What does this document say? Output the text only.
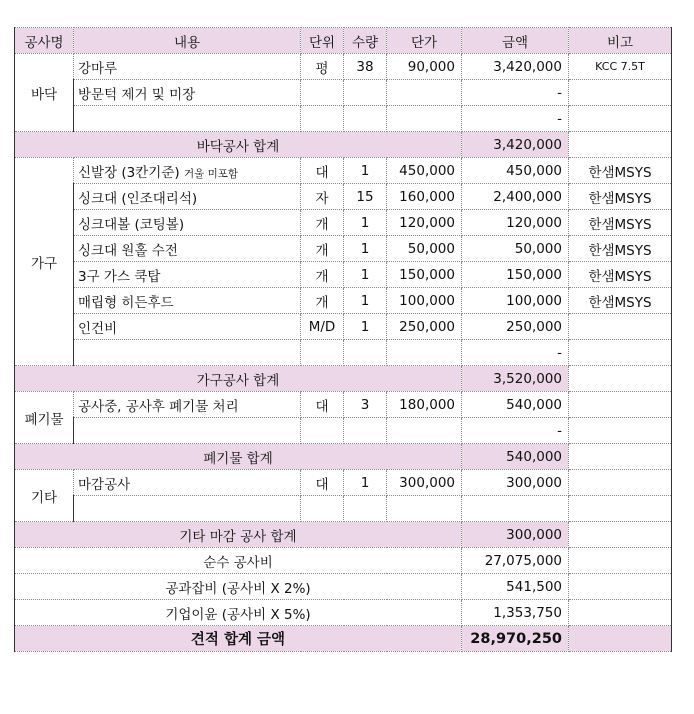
공사명	내용	단위	수량	단가	금액	비고
바닥	강마루	평	38	90,000	3,420,000	KCC 7.5T
	방문턱 제거 및 미장				-	
					-	
바닥공사 합계					3,420,000	
가구	신발장 (3칸기준) 거울 미포함	대	1	450,000	450,000	한샘MSYS
	싱크대 (인조대리석)	자	15	160,000	2,400,000	한샘MSYS
	싱크대볼 (코팅볼)	개	1	120,000	120,000	한샘MSYS
	싱크대 원홀 수전	개	1	50,000	50,000	한샘MSYS
	3구 가스 쿡탑	개	1	150,000	150,000	한샘MSYS
	매립형 히든후드	개	1	100,000	100,000	한샘MSYS
	인건비	M/D	1	250,000	250,000	
					-	
가구공사 합계					3,520,000	
폐기물	공사중, 공사후 폐기물 처리	대	3	180,000	540,000	
					-	
폐기물 합계					540,000	
기타	마감공사	대	1	300,000	300,000	

기타 마감 공사 합계					300,000	
순수 공사비					27,075,000	
공과잡비 (공사비 X 2%)					541,500	
기업이윤 (공사비 X 5%)					1,353,750	
견적 합계 금액					28,970,250	
